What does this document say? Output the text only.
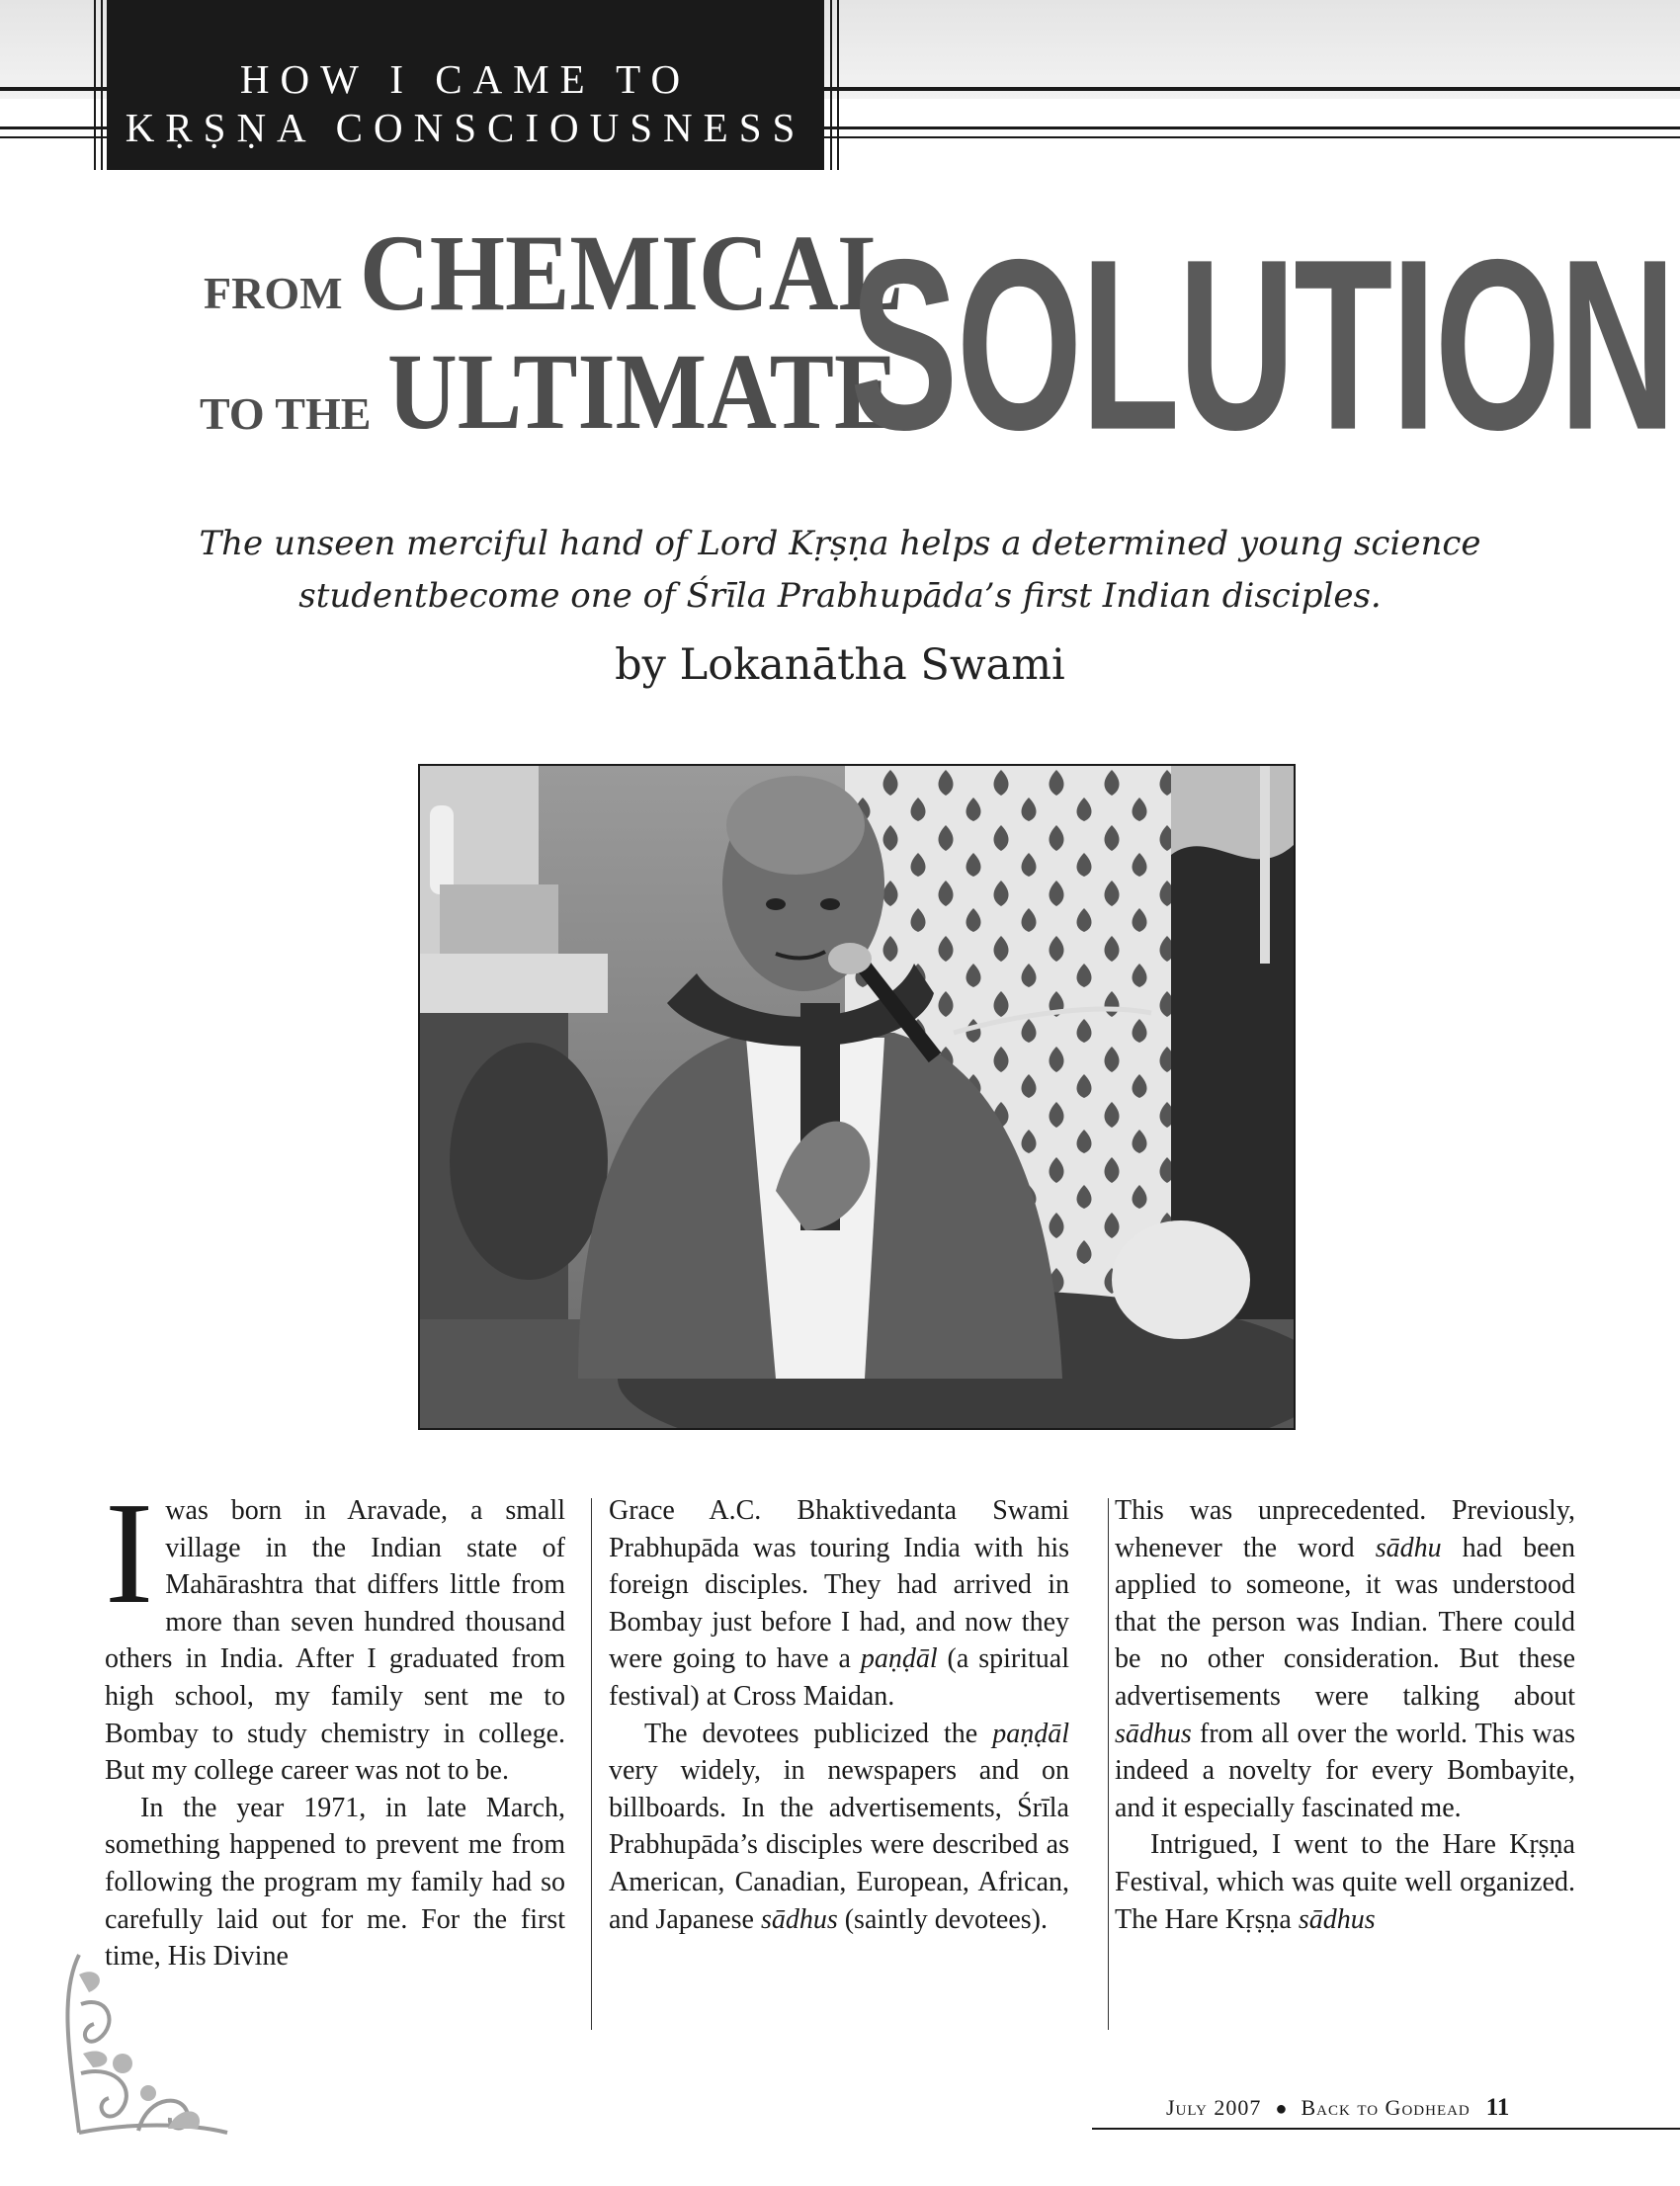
HOW I CAME TO
KṚṢṆA CONSCIOUSNESS
FROM CHEMICAL
TO THE ULTIMATE
SOLUTION
The unseen merciful hand of Lord Kṛṣṇa helps a determined young science
studentbecome one of Śrīla Prabhupāda’s first Indian disciples.
by Lokanātha Swami

Iwas born in Aravade, a small village in the Indian state of Mahārashtra that differs little from more than seven hundred thousand others in India. After I graduated from high school, my family sent me to Bombay to study chemistry in college. But my college career was not to be.

In the year 1971, in late March, something happened to prevent me from following the program my family had so carefully laid out for me. For the first time, His Divine

Grace A.C. Bhaktivedanta Swami Prabhupāda was touring India with his foreign disciples. They had arrived in Bombay just before I had, and now they were going to have a paṇḍāl (a spiritual festival) at Cross Maidan.

The devotees publicized the paṇḍāl very widely, in newspapers and on billboards. In the advertisements, Śrīla Prabhupāda’s disciples were described as American, Canadian, European, African, and Japanese sādhus (saintly devotees).

This was unprecedented. Previously, whenever the word sādhu had been applied to someone, it was understood that the person was Indian. There could be no other consideration. But these advertisements were talking about sādhus from all over the world. This was indeed a novelty for every Bombayite, and it especially fascinated me.

Intrigued, I went to the Hare Kṛṣṇa Festival, which was quite well organized. The Hare Kṛṣṇa sādhus

July 2007 ● Back to Godhead 11
